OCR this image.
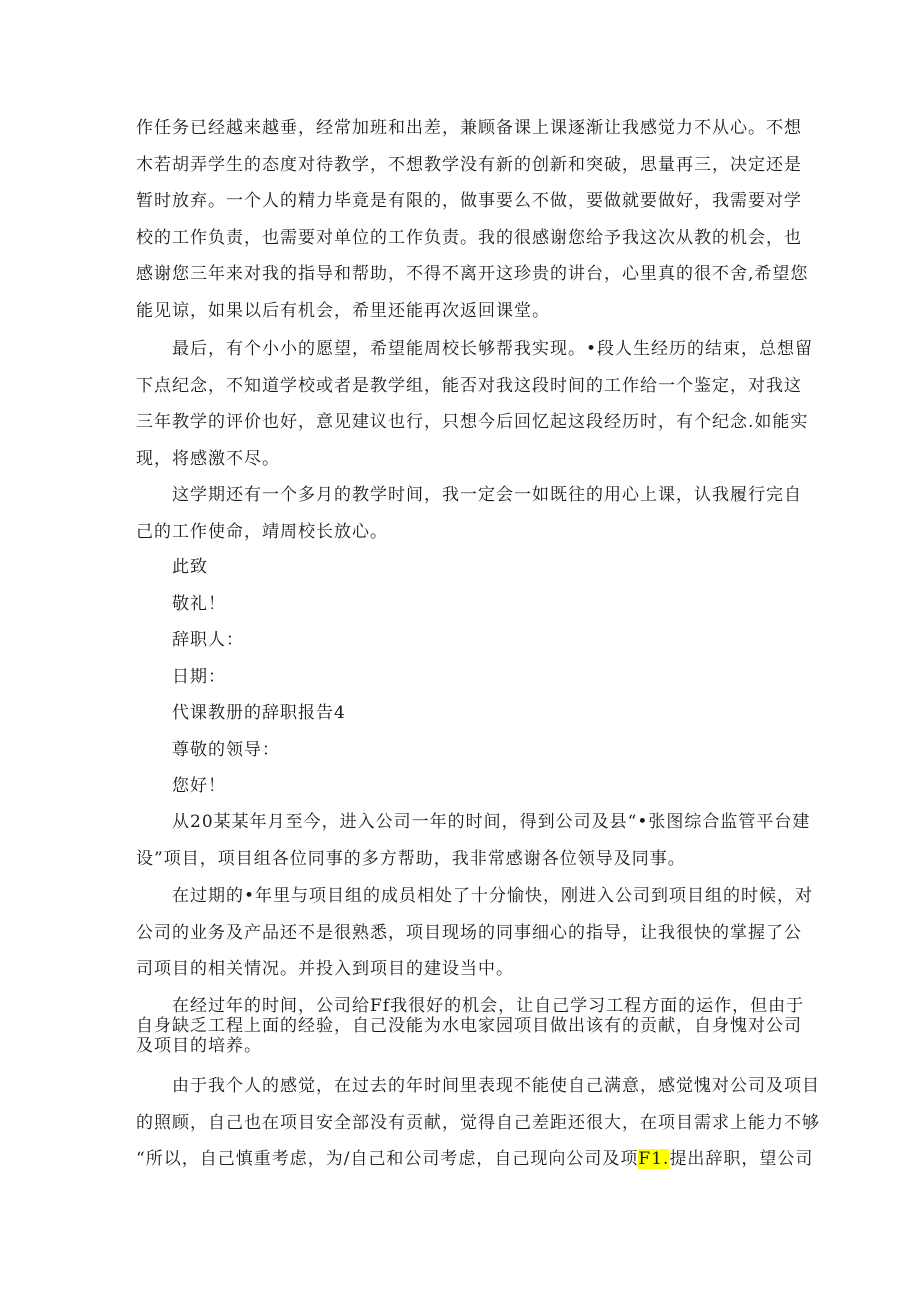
作任务已经越来越垂，经常加班和出差，兼顾备课上课逐渐让我感觉力不从心。不想
木若胡弄学生的态度对待教学，不想教学没有新的创新和突破，思量再三，决定还是
暂时放弃。一个人的精力毕竟是有限的，做事要么不做，要做就要做好，我需要对学
校的工作负责，也需要对单位的工作负责。我的很感谢您给予我这次从教的机会，也
感谢您三年来对我的指导和帮助，不得不离开这珍贵的讲台，心里真的很不舍,希望您
能见谅，如果以后有机会，希里还能再次返回课堂。
　　最后，有个小小的愿望，希望能周校长够帮我实现。•段人生经历的结束，总想留
下点纪念，不知道学校或者是教学组，能否对我这段时间的工作给一个鉴定，对我这
三年教学的评价也好，意见建议也行，只想今后回忆起这段经历时，有个纪念.如能实
现，将感激不尽。
　　这学期还有一个多月的教学时间，我一定会一如既往的用心上课，认我履行完自
己的工作使命，靖周校长放心。
此致
敬礼！
辞职人：
日期：
代课教册的辞职报告4
尊敬的领导：
您好！
从20某某年月至今，进入公司一年的时间，得到公司及县“•张图综合监管平台建
设”项目，项目组各位同事的多方帮助，我非常感谢各位领导及同事。
　　在过期的•年里与项目组的成员相处了十分愉快，刚进入公司到项目组的时候，对
公司的业务及产品还不是很熟悉，项目现场的同事细心的指导，让我很快的掌握了公
司项目的相关情况。并投入到项目的建设当中。
　　在经过年的时间，公司给Ff我很好的机会，让自己学习工程方面的运作，但由于
自身缺乏工程上面的经验，自己没能为水电家园项目做出该有的贡献，自身愧对公司
及项目的培养。
　　由于我个人的感觉，在过去的年时间里表现不能使自己满意，感觉愧对公司及项目
的照顾，自己也在项目安全部没有贡献，觉得自己差距还很大，在项目需求上能力不够
“所以，自己慎重考虑，为/自己和公司考虑，自己现向公司及项F1.提出辞职，望公司
